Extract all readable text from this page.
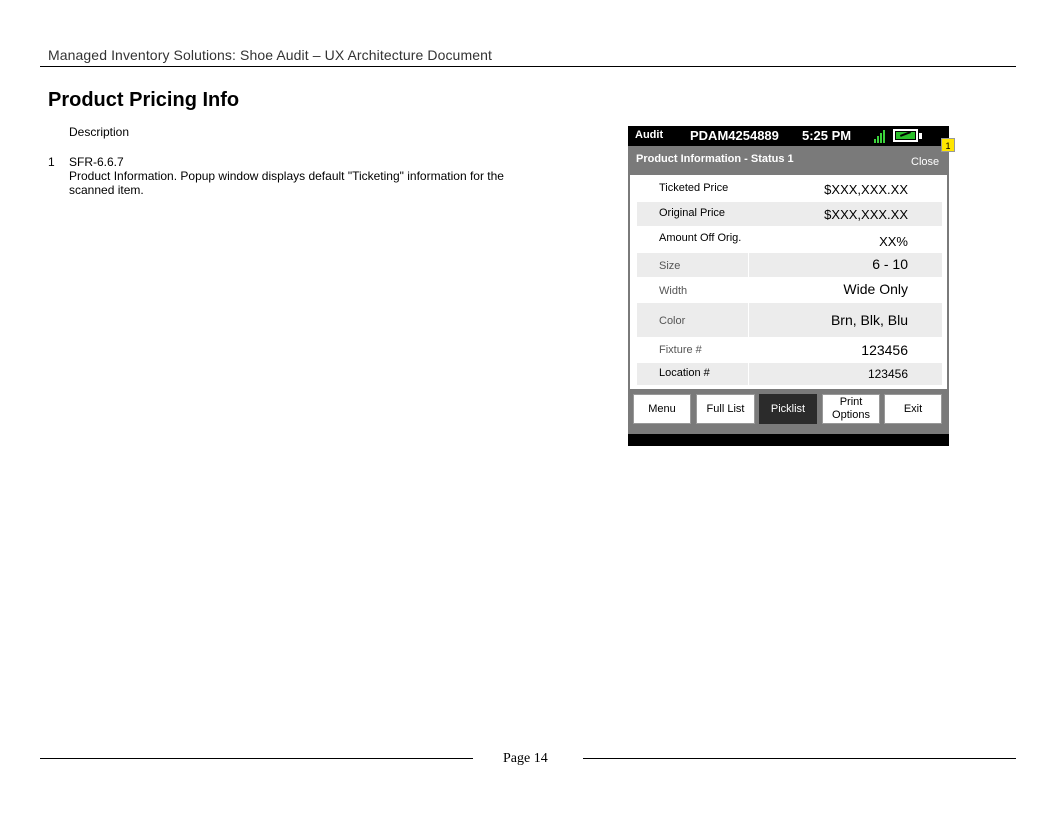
Managed Inventory Solutions: Shoe Audit – UX Architecture Document
Product Pricing Info
Description
1 SFR-6.6.7
Product Information. Popup window displays default "Ticketing" information for the scanned item.
Audit PDAM4254889 5:25 PM
Product Information - Status 1	Close
Ticketed Price	$XXX,XXX.XX
Original Price	$XXX,XXX.XX
Amount Off Orig.	XX%
Size	6 - 10
Width	Wide Only
Color	Brn, Blk, Blu
Fixture #	123456
Location #	123456
Menu	Full List	Picklist
Print Options
Exit
1
Page 14
